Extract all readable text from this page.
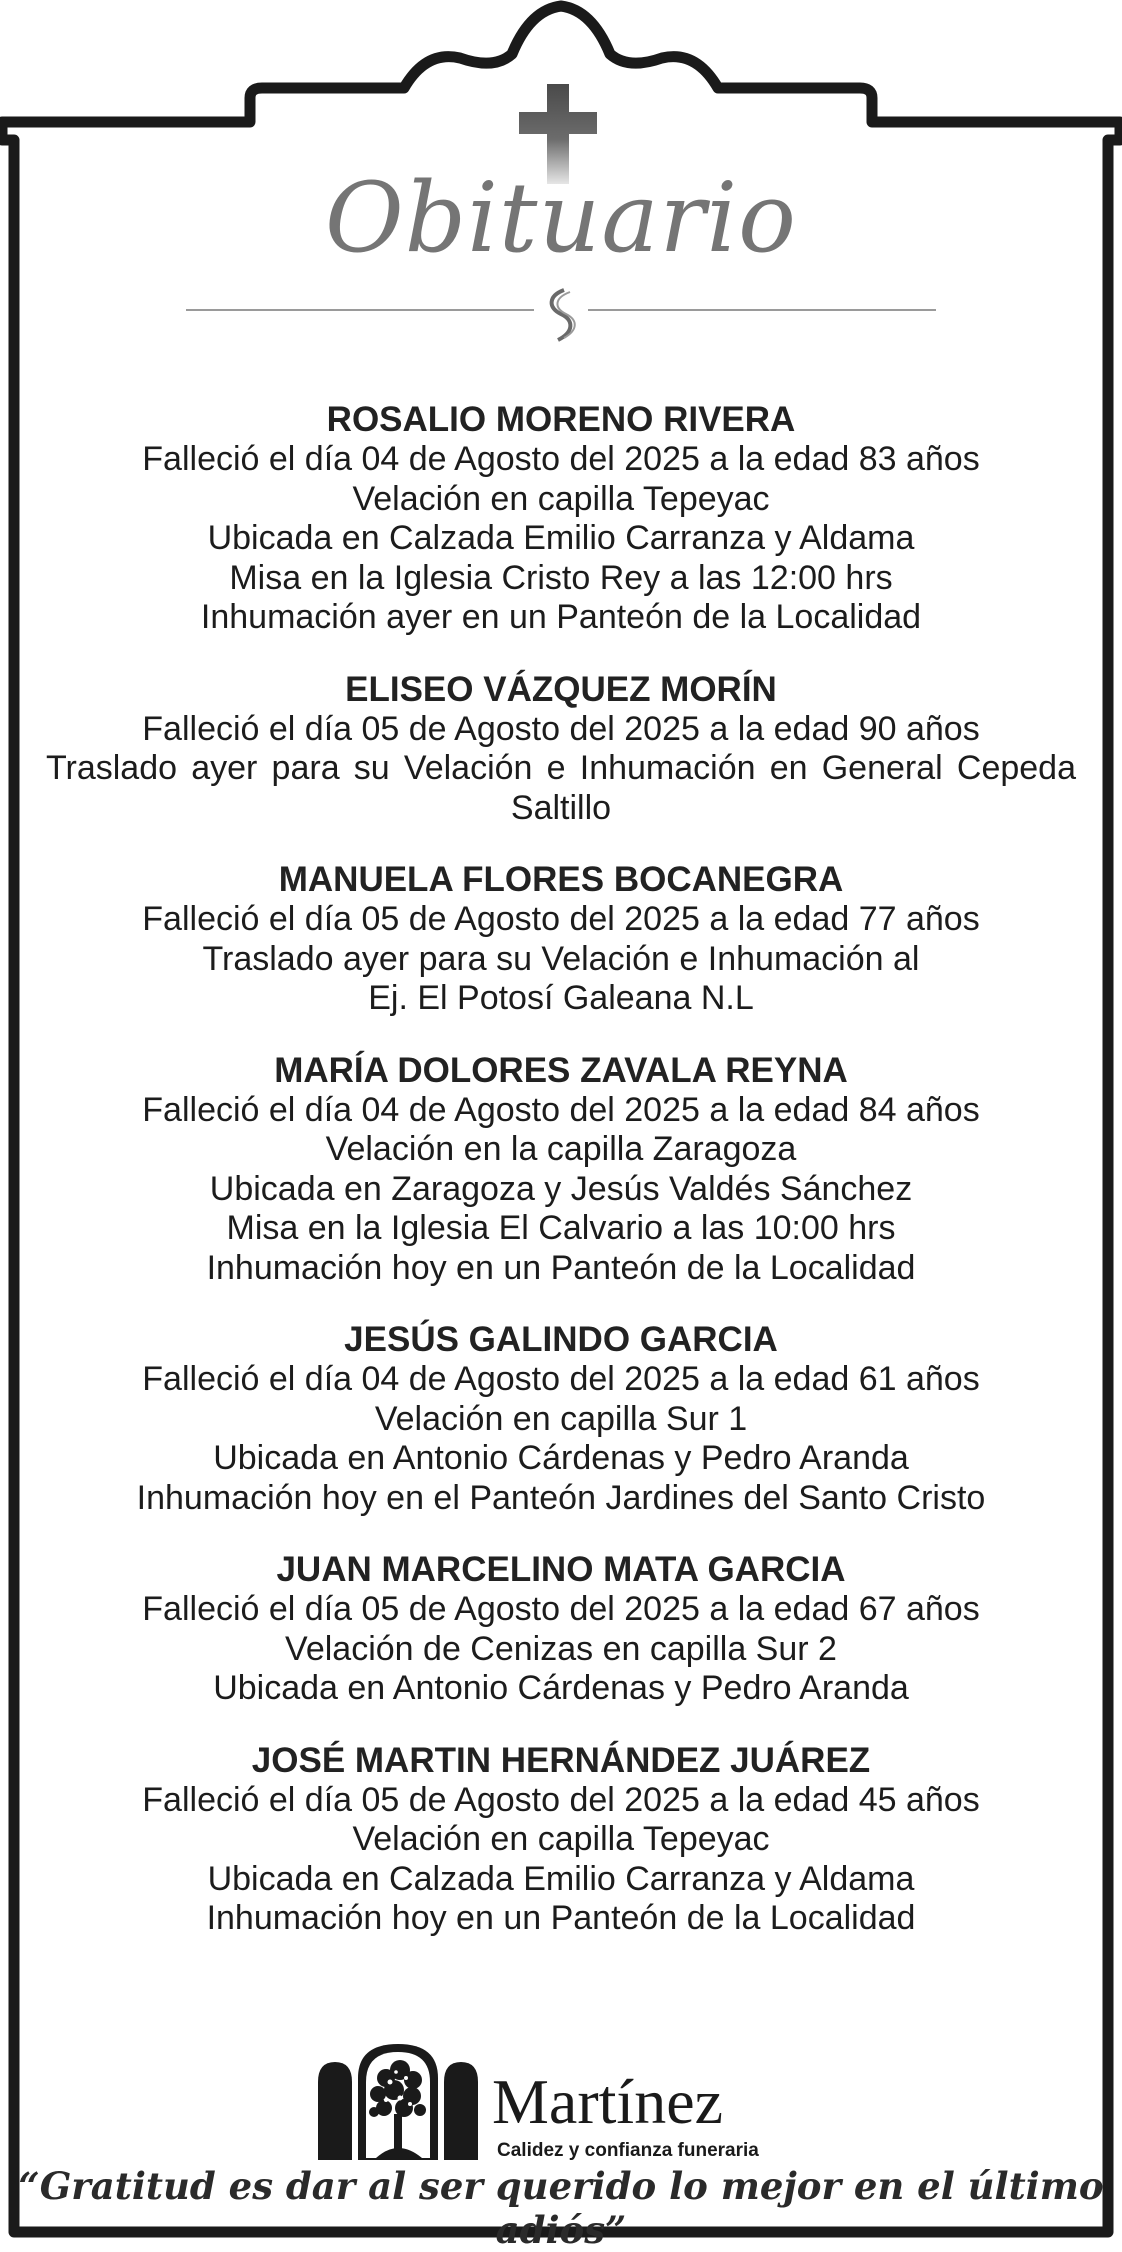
Obituario
ROSALIO MORENO RIVERA
Falleció el día 04 de Agosto del 2025 a la edad 83 años
Velación en capilla Tepeyac
Ubicada en Calzada Emilio Carranza y Aldama
Misa en la Iglesia Cristo Rey a las 12:00 hrs
Inhumación ayer en un Panteón de la Localidad
ELISEO VÁZQUEZ MORÍN
Falleció el día 05 de Agosto del 2025 a la edad 90 años
Traslado ayer para su Velación e Inhumación en General Cepeda Saltillo
MANUELA FLORES BOCANEGRA
Falleció el día 05 de Agosto del 2025 a la edad 77 años
Traslado ayer para su Velación e Inhumación al
Ej. El Potosí Galeana N.L
MARÍA DOLORES ZAVALA REYNA
Falleció el día 04 de Agosto del 2025 a la edad 84 años
Velación en la capilla Zaragoza
Ubicada en Zaragoza y Jesús Valdés Sánchez
Misa en la Iglesia El Calvario a las 10:00 hrs
Inhumación hoy en un Panteón de la Localidad
JESÚS GALINDO GARCIA
Falleció el día 04 de Agosto del 2025 a la edad 61 años
Velación en capilla Sur 1
Ubicada en Antonio Cárdenas y Pedro Aranda
Inhumación hoy en el Panteón Jardines del Santo Cristo
JUAN MARCELINO MATA GARCIA
Falleció el día 05 de Agosto del 2025 a la edad 67 años
Velación de Cenizas en capilla Sur 2
Ubicada en Antonio Cárdenas y Pedro Aranda
JOSÉ MARTIN HERNÁNDEZ JUÁREZ
Falleció el día 05 de Agosto del 2025 a la edad 45 años
Velación en capilla Tepeyac
Ubicada en Calzada Emilio Carranza y Aldama
Inhumación hoy en un Panteón de la Localidad
Martínez
Calidez y confianza funeraria
“Gratitud es dar al ser querido lo mejor en el último adiós”
